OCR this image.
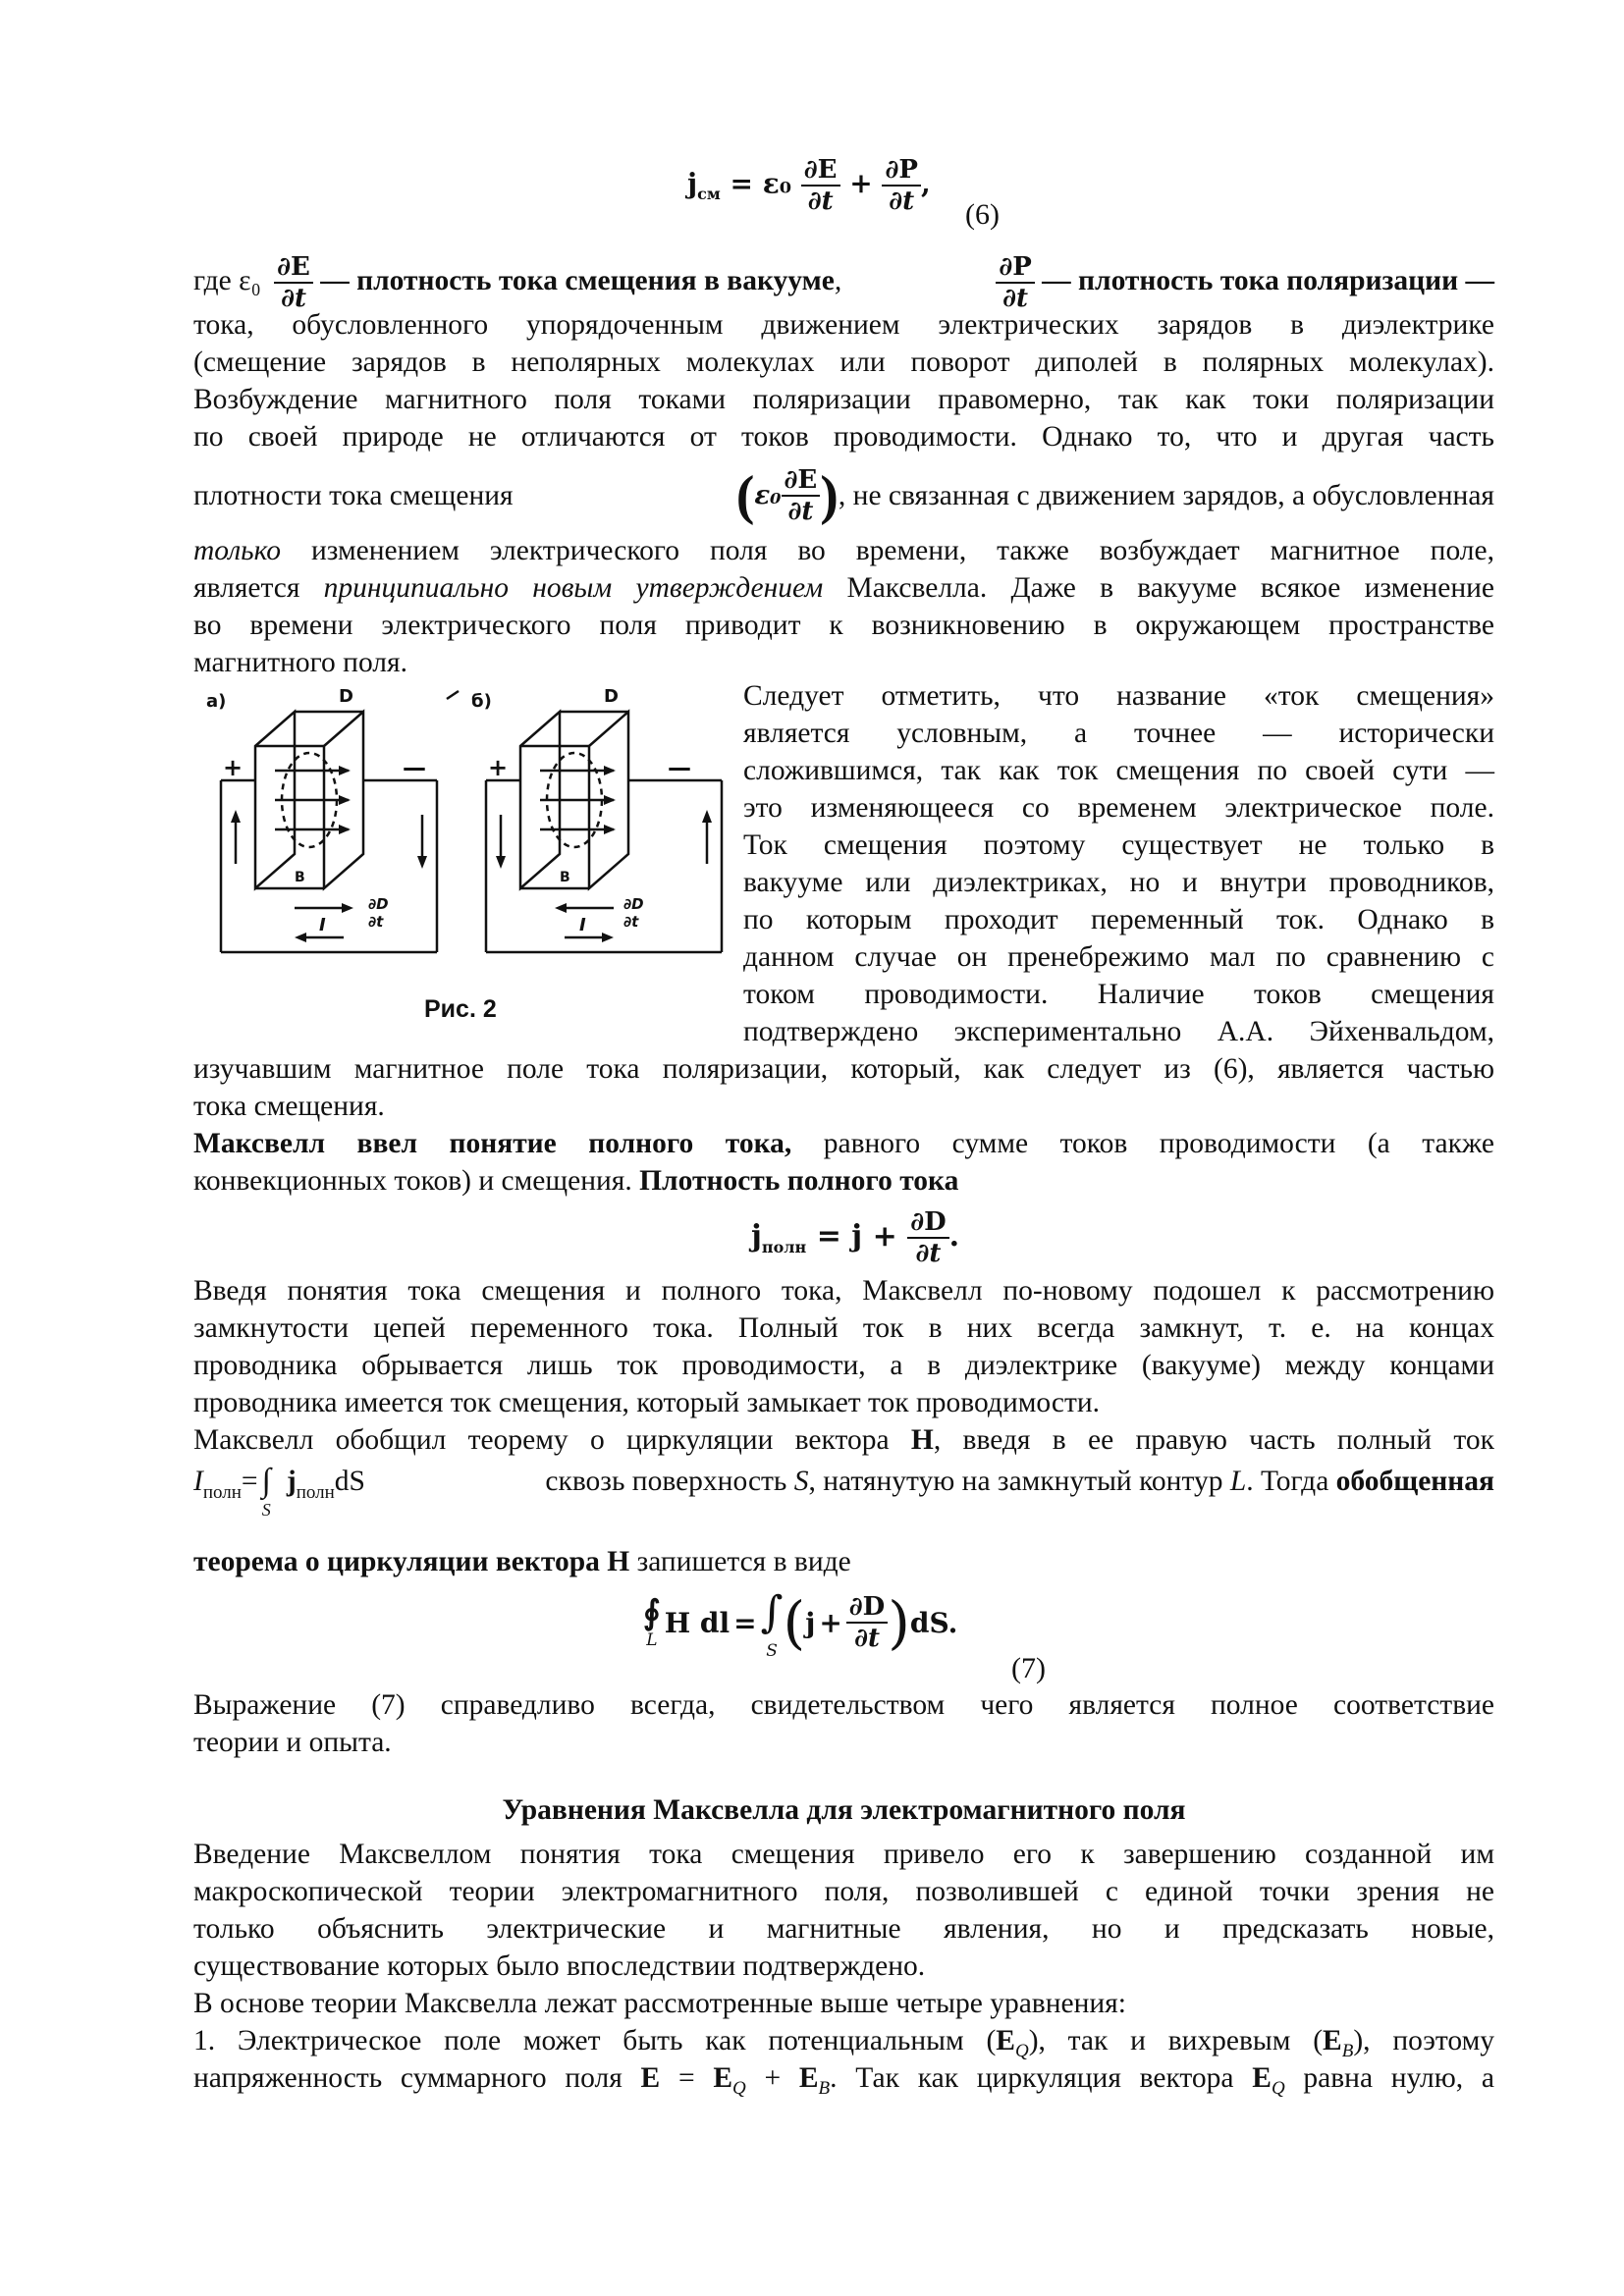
$j_{см} = \varepsilon_0 \frac{\partial E}{\partial t} + \frac{\partial P}{\partial t}$ ,
(6)
где $\varepsilon_0 \frac{\partial E}{\partial t}$ — плотность тока смещения в вакууме,	$\frac{\partial P}{\partial t}$ — плотность тока поляризации —
тока, обусловленного упорядоченным движением электрических зарядов в диэлектрике
(смещение зарядов в неполярных молекулах или поворот диполей в полярных молекулах).
Возбуждение магнитного поля токами поляризации правомерно, так как токи поляризации
по своей природе не отличаются от токов проводимости. Однако то, что и другая часть
плотности тока смещения	( $\varepsilon_0 \frac{\partial E}{\partial t}$ ) , не связанная с движением зарядов, а обусловленная
только изменением электрического поля во времени, также возбуждает магнитное поле,
является принципиально новым утверждением Максвелла. Даже в вакууме всякое изменение
во времени электрического поля приводит к возникновению в окружающем пространстве
магнитного поля.
а)	б)
D	D
B	B
∂D
∂t
∂D
∂t
I	I
+	—	+	—
Рис. 2
Следует отметить, что название «ток смещения»
является условным, а точнее — исторически
сложившимся, так как ток смещения по своей сути —
это изменяющееся со временем электрическое поле.
Ток смещения поэтому существует не только в
вакууме или диэлектриках, но и внутри проводников,
по которым проходит переменный ток. Однако в
данном случае он пренебрежимо мал по сравнению с
током проводимости. Наличие токов смещения
подтверждено экспериментально А.А. Эйхенвальдом,
изучавшим магнитное поле тока поляризации, который, как следует из (6), является частью
тока смещения.
Максвелл ввел понятие полного тока, равного сумме токов проводимости (а также
конвекционных токов) и смещения. Плотность полного тока
$j_{полн} = j + \frac{\partial D}{\partial t}$ .
Введя понятия тока смещения и полного тока, Максвелл по-новому подошел к рассмотрению
замкнутости цепей переменного тока. Полный ток в них всегда замкнут, т. е. на концах
проводника обрывается лишь ток проводимости, а в диэлектрике (вакууме) между концами
проводника имеется ток смещения, который замыкает ток проводимости.
Максвелл обобщил теорему о циркуляции вектора H, введя в ее правую часть полный ток
$I_{полн}$ = ∫
S
$j_{полн}$ dS	сквозь поверхность S, натянутую на замкнутый контур L. Тогда обобщенная
теорема о циркуляции вектора H запишется в виде
∮
L
H dl = ∫
S ( $j + \frac{\partial D}{\partial t}$ ) dS.
(7)
Выражение (7) справедливо всегда, свидетельством чего является полное соответствие
теории и опыта.
Уравнения Максвелла для электромагнитного поля
Введение Максвеллом понятия тока смещения привело его к завершению созданной им
макроскопической теории электромагнитного поля, позволившей с единой точки зрения не
только объяснить электрические и магнитные явления, но и предсказать новые,
существование которых было впоследствии подтверждено.
В основе теории Максвелла лежат рассмотренные выше четыре уравнения:
1. Электрическое поле может быть как потенциальным $(E_Q)$, так и вихревым $(E_B)$, поэтому
напряженность суммарного поля $E = E_Q + E_B$. Так как циркуляция вектора $E_Q$ равна нулю, а
